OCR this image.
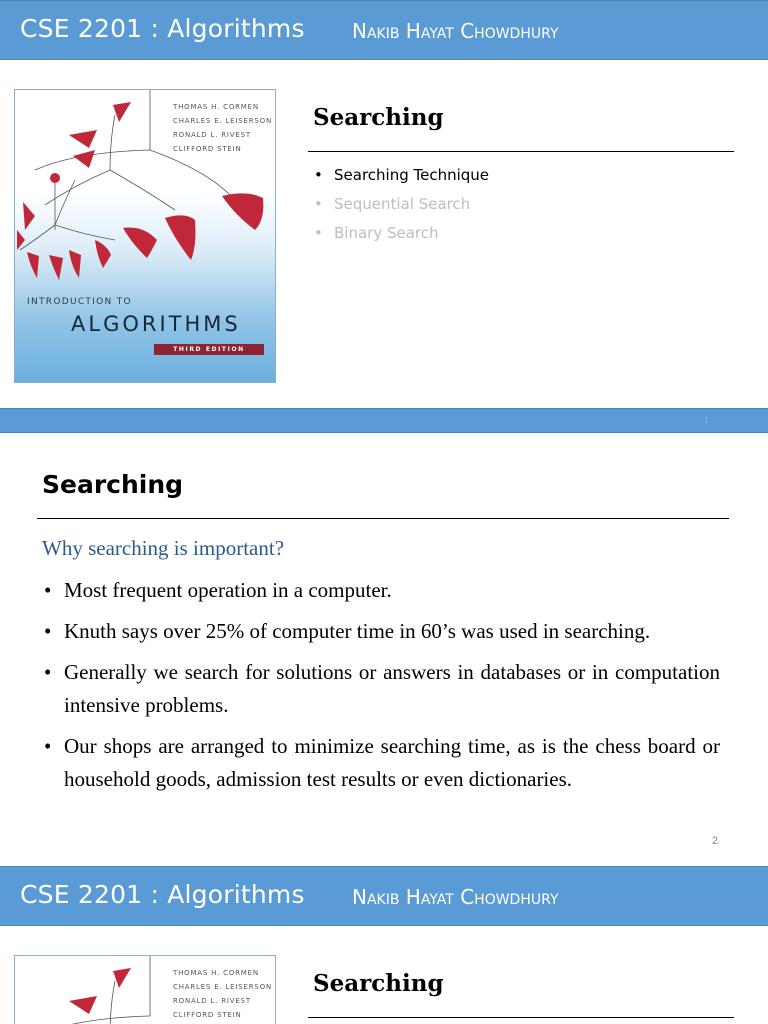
CSE 2201 : Algorithms Nakib Hayat Chowdhury
THOMAS H. CORMEN
CHARLES E. LEISERSON
RONALD L. RIVEST
CLIFFORD STEIN
INTRODUCTION TO
ALGORITHMS
THIRD EDITION
Searching
• Searching Technique
• Sequential Search
• Binary Search
1
Searching
Why searching is important?
• Most frequent operation in a computer.
• Knuth says over 25% of computer time in 60’s was used in searching.
• Generally we search for solutions or answers in databases or in computation intensive problems.
• Our shops are arranged to minimize searching time, as is the chess board or household goods, admission test results or even dictionaries.
2
CSE 2201 : Algorithms Nakib Hayat Chowdhury
THOMAS H. CORMEN
CHARLES E. LEISERSON
RONALD L. RIVEST
CLIFFORD STEIN
Searching
